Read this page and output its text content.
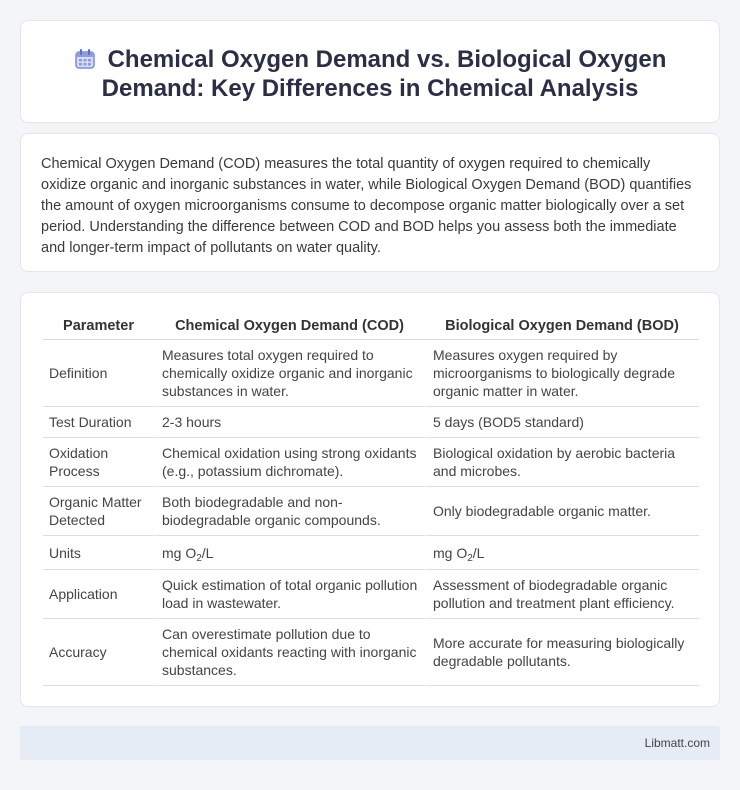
Chemical Oxygen Demand vs. Biological Oxygen Demand: Key Differences in Chemical Analysis

Chemical Oxygen Demand (COD) measures the total quantity of oxygen required to chemically oxidize organic and inorganic substances in water, while Biological Oxygen Demand (BOD) quantifies the amount of oxygen microorganisms consume to decompose organic matter biologically over a set period. Understanding the difference between COD and BOD helps you assess both the immediate and longer-term impact of pollutants on water quality.

Parameter	Chemical Oxygen Demand (COD)	Biological Oxygen Demand (BOD)
Definition	Measures total oxygen required to chemically oxidize organic and inorganic substances in water.	Measures oxygen required by microorganisms to biologically degrade organic matter in water.
Test Duration	2-3 hours	5 days (BOD5 standard)
Oxidation Process	Chemical oxidation using strong oxidants (e.g., potassium dichromate).	Biological oxidation by aerobic bacteria and microbes.
Organic Matter Detected	Both biodegradable and non-biodegradable organic compounds.	Only biodegradable organic matter.
Units	mg $O_2/L$	mg $O_2/L$
Application	Quick estimation of total organic pollution load in wastewater.	Assessment of biodegradable organic pollution and treatment plant efficiency.
Accuracy	Can overestimate pollution due to chemical oxidants reacting with inorganic substances.	More accurate for measuring biologically degradable pollutants.
Libmatt.com
